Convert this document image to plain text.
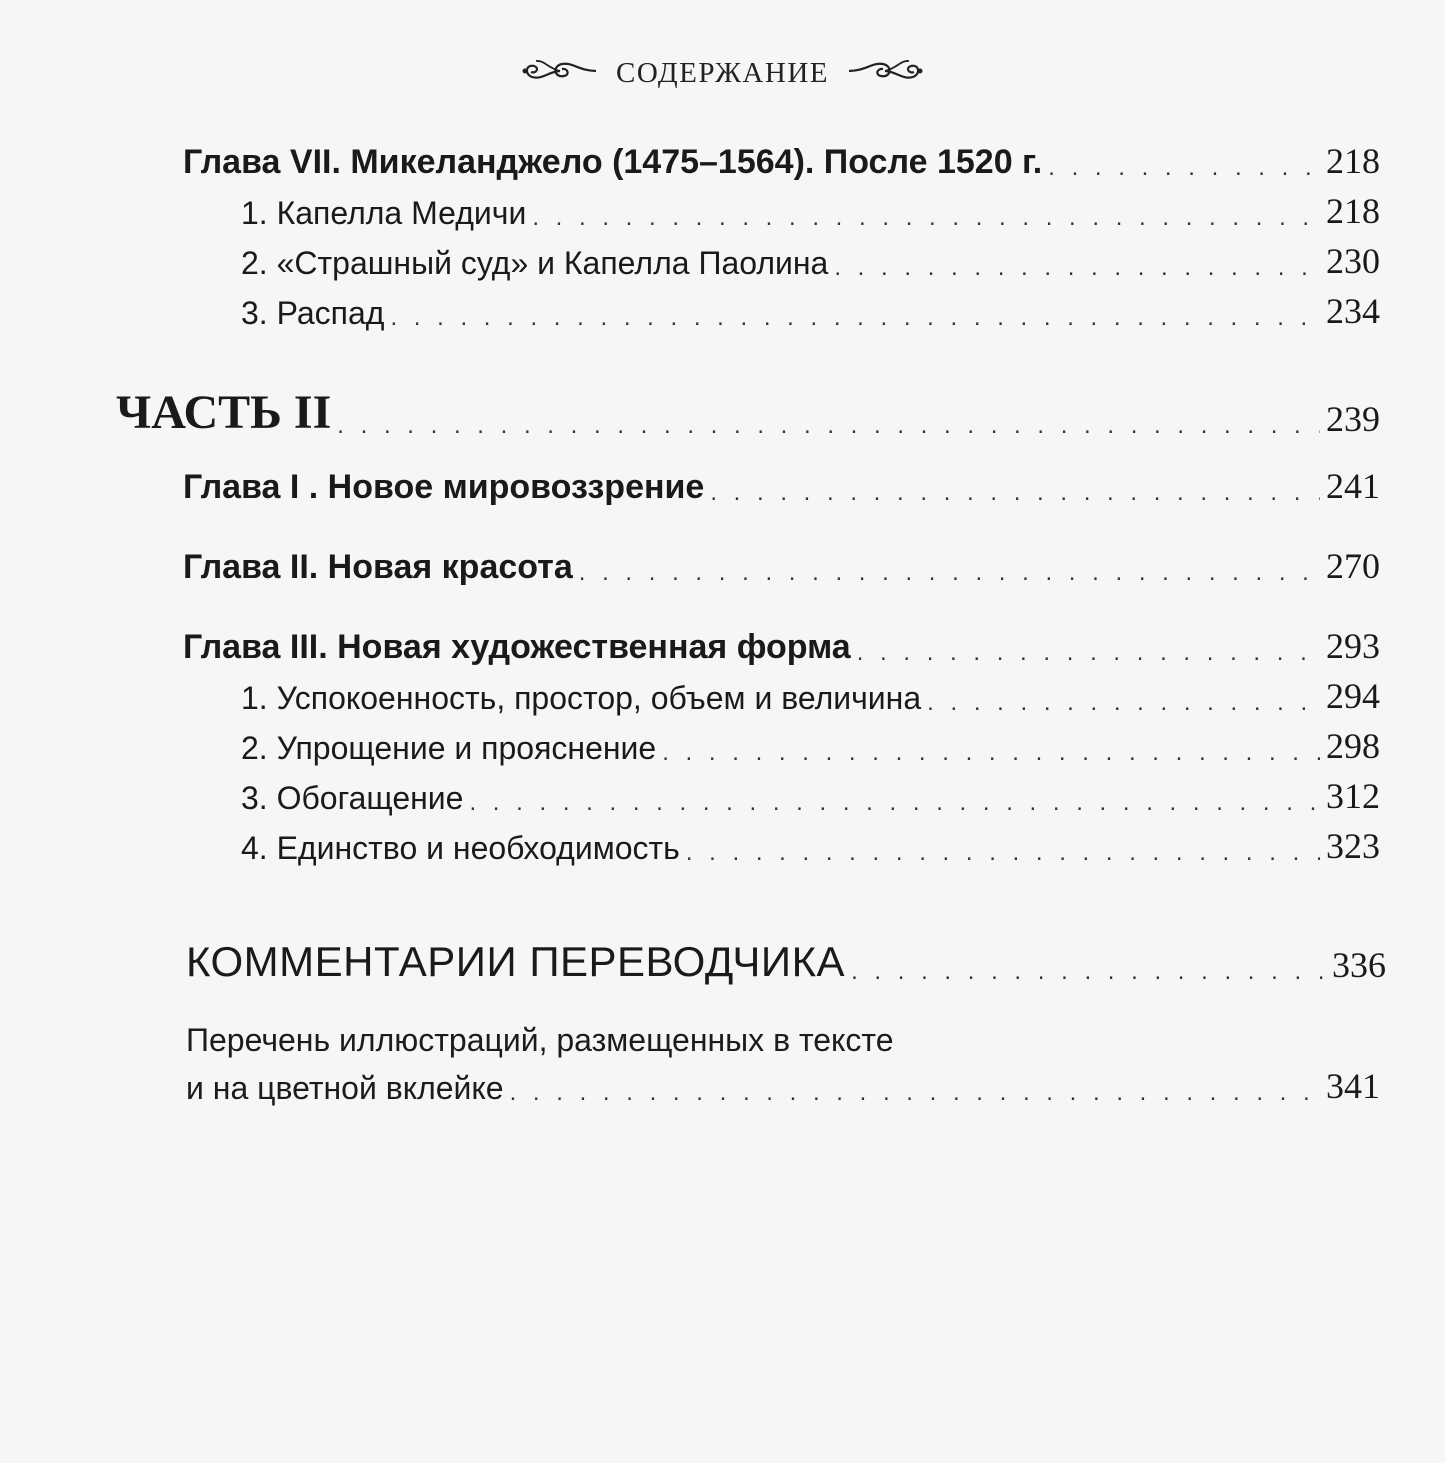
СОДЕРЖАНИЕ
Глава VII. Микеланджело (1475–1564). После 1520 г. . . .	218
1. Капелла Медичи . . .	218
2. «Страшный суд» и Капелла Паолина . . .	230
3. Распад . . .	234
ЧАСТЬ II . . .	239
Глава I . Новое мировоззрение . . .	241
Глава II. Новая красота . . .	270
Глава III. Новая художественная форма . . .	293
1. Успокоенность, простор, объем и величина . . .	294
2. Упрощение и прояснение . . .	298
3. Обогащение . . .	312
4. Единство и необходимость . . .	323
КОММЕНТАРИИ ПЕРЕВОДЧИКА . . .	336
Перечень иллюстраций, размещенных в тексте
и на цветной вклейке . . .	341
